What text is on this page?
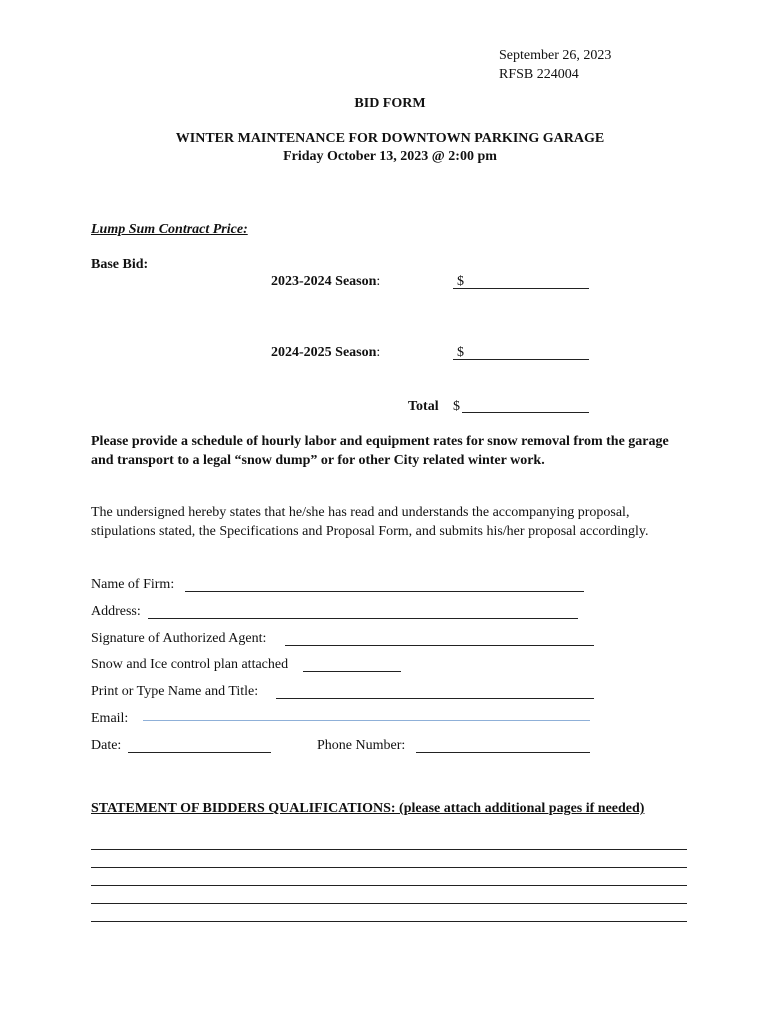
September 26, 2023
RFSB 224004
BID FORM
WINTER MAINTENANCE FOR DOWNTOWN PARKING GARAGE
Friday October 13, 2023 @ 2:00 pm
Lump Sum Contract Price:
Base Bid:
2023-2024 Season:	$
2024-2025 Season:	$
Total $
Please provide a schedule of hourly labor and equipment rates for snow removal from the garage and transport to a legal “snow dump” or for other City related winter work.
The undersigned hereby states that he/she has read and understands the accompanying proposal, stipulations stated, the Specifications and Proposal Form, and submits his/her proposal accordingly.
Name of Firm:
Address:
Signature of Authorized Agent:
Snow and Ice control plan attached
Print or Type Name and Title:
Email:
Date:	Phone Number:
STATEMENT OF BIDDERS QUALIFICATIONS: (please attach additional pages if needed)
